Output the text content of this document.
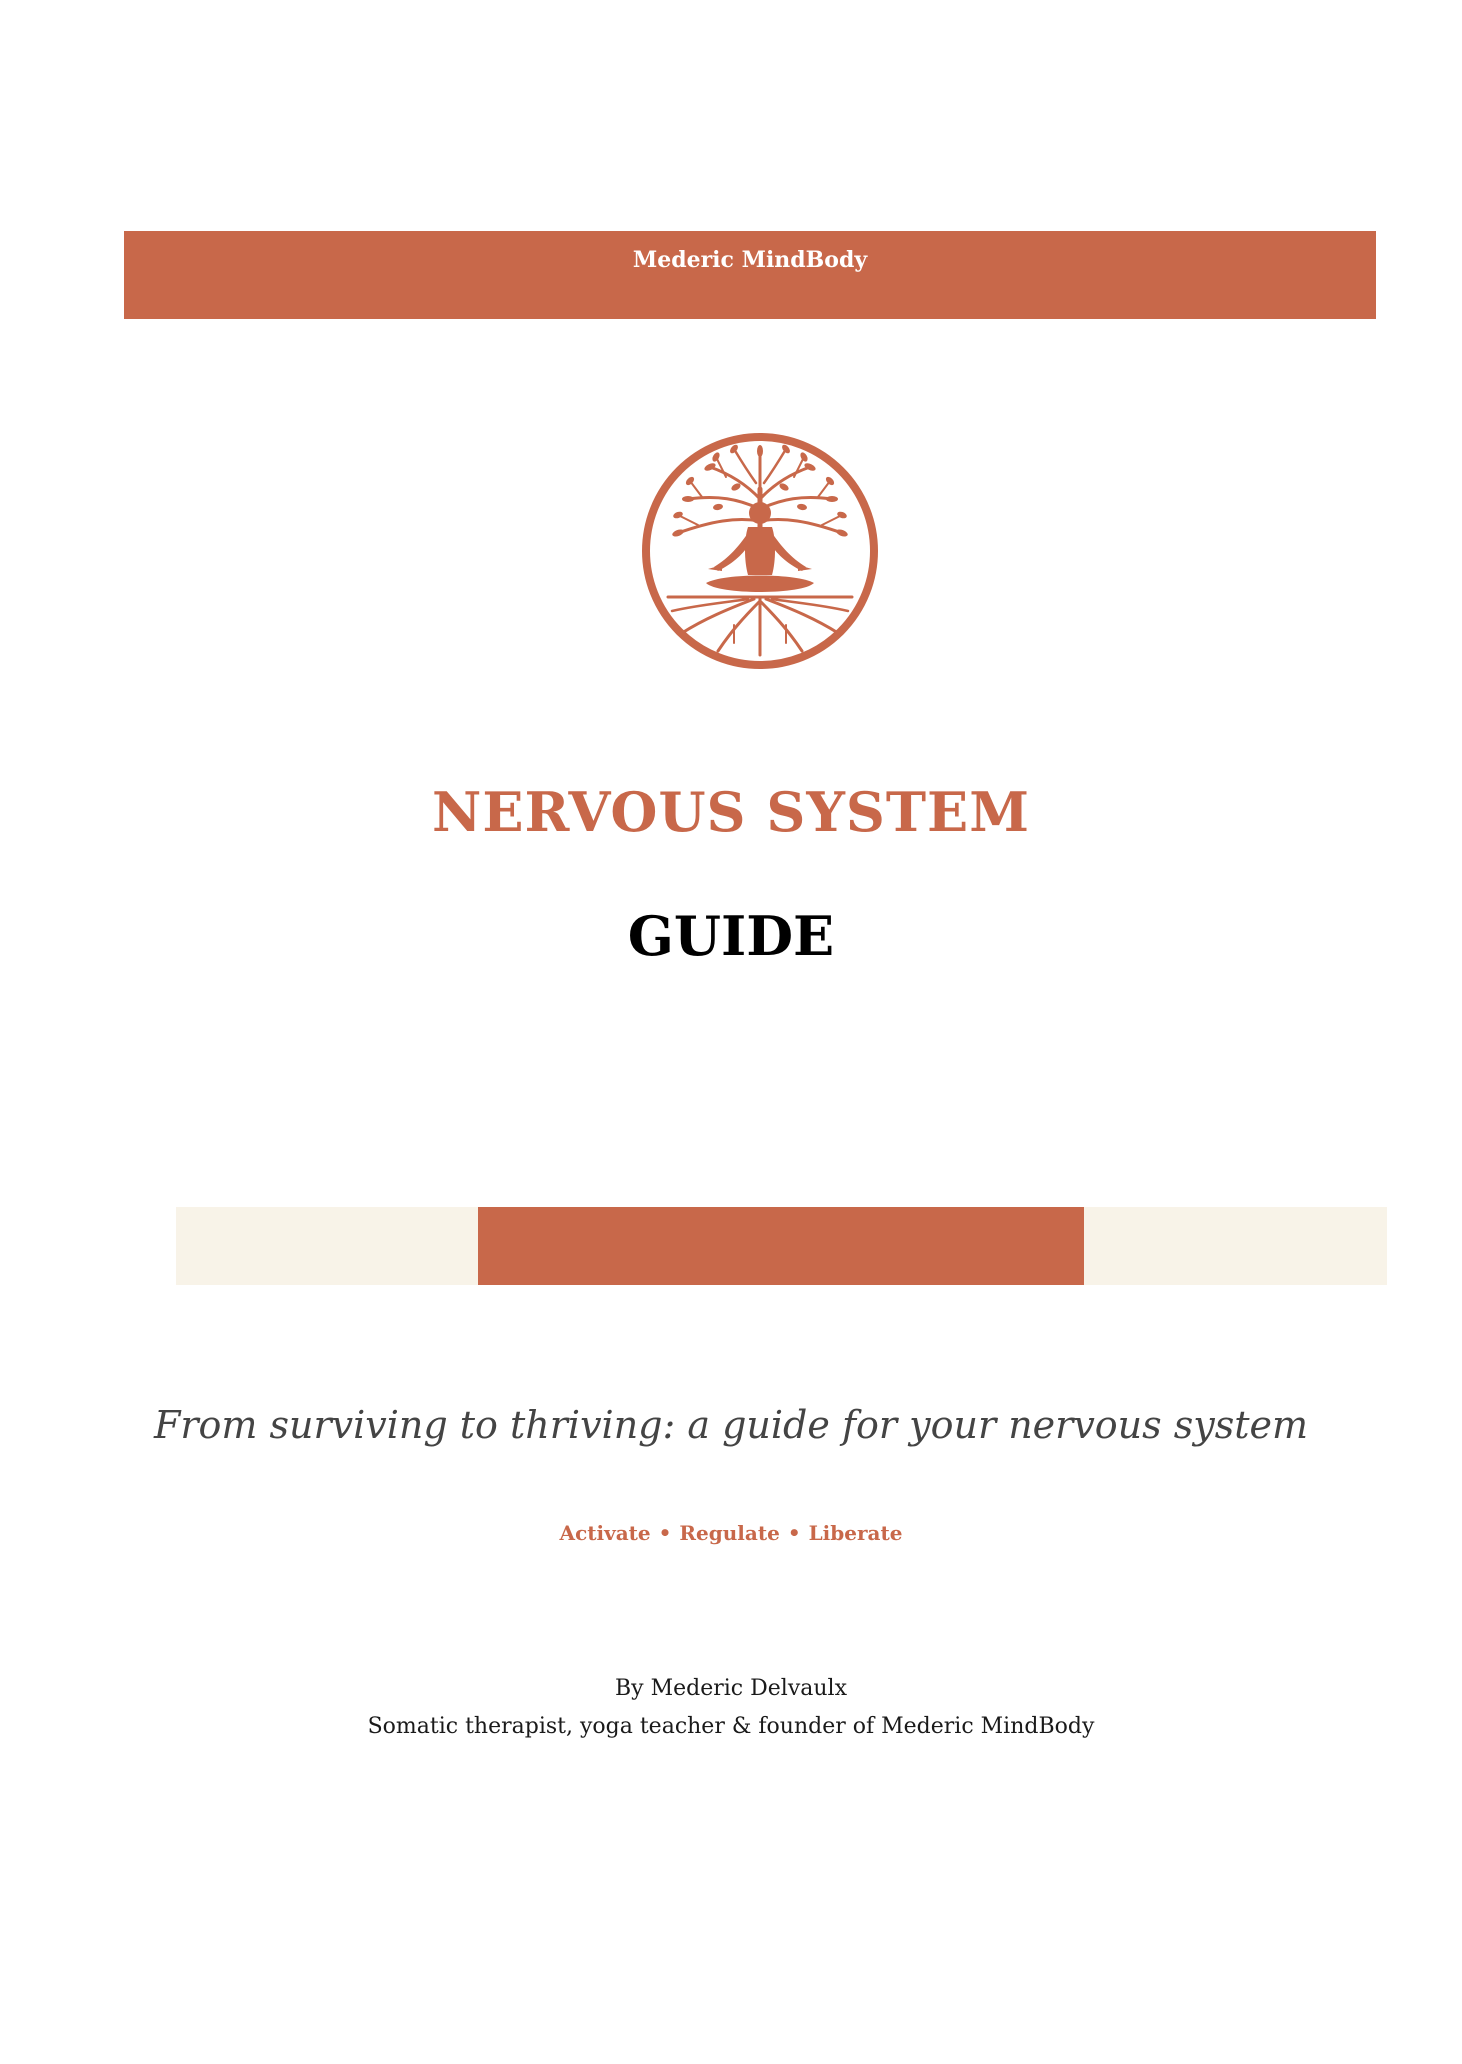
Mederic MindBody
NERVOUS SYSTEM
GUIDE
From surviving to thriving: a guide for your nervous system
Activate • Regulate • Liberate
By Mederic Delvaulx
Somatic therapist, yoga teacher & founder of Mederic MindBody
